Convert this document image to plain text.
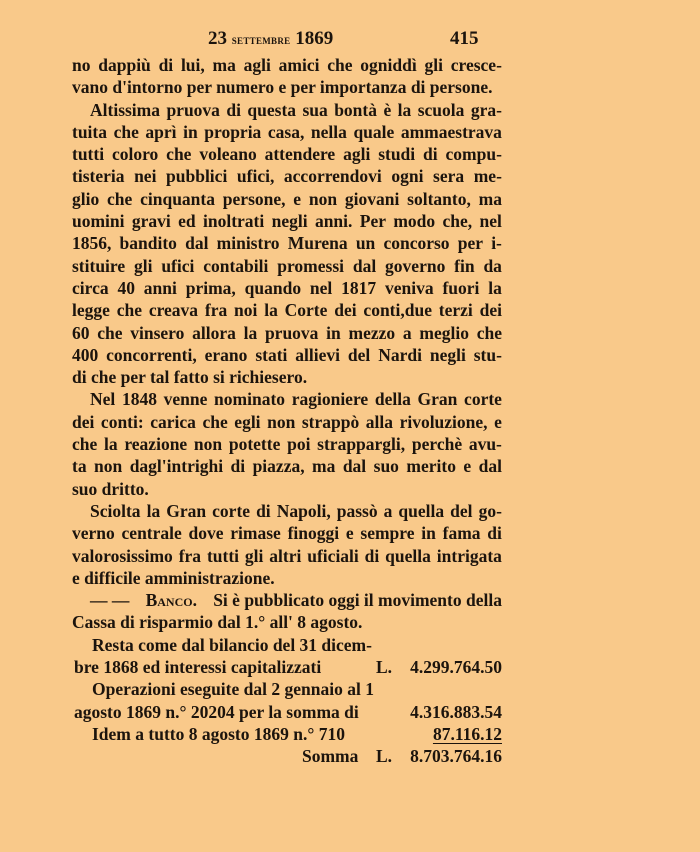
23 settembre 1869	415
no dappiù di lui, ma agli amici che ogniddì gli cresce-
vano d'intorno per numero e per importanza di persone.
Altissima pruova di questa sua bontà è la scuola gra-
tuita che aprì in propria casa, nella quale ammaestrava
tutti coloro che voleano attendere agli studi di compu-
tisteria nei pubblici ufici, accorrendovi ogni sera me-
glio che cinquanta persone, e non giovani soltanto, ma
uomini gravi ed inoltrati negli anni. Per modo che, nel
1856, bandito dal ministro Murena un concorso per i-
stituire gli ufici contabili promessi dal governo fin da
circa 40 anni prima, quando nel 1817 veniva fuori la
legge che creava fra noi la Corte dei conti,due terzi dei
60 che vinsero allora la pruova in mezzo a meglio che
400 concorrenti, erano stati allievi del Nardi negli stu-
di che per tal fatto si richiesero.
Nel 1848 venne nominato ragioniere della Gran corte
dei conti: carica che egli non strappò alla rivoluzione, e
che la reazione non potette poi strappargli, perchè avu-
ta non dagl'intrighi di piazza, ma dal suo merito e dal
suo dritto.
Sciolta la Gran corte di Napoli, passò a quella del go-
verno centrale dove rimase finoggi e sempre in fama di
valorosissimo fra tutti gli altri uficiali di quella intrigata
e difficile amministrazione.
— — Banco. Si è pubblicato oggi il movimento della
Cassa di risparmio dal 1.° all' 8 agosto.
Resta come dal bilancio del 31 dicem-
bre 1868 ed interessi capitalizzati	L. 4.299.764.50
Operazioni eseguite dal 2 gennaio al 1
agosto 1869 n.° 20204 per la somma di	4.316.883.54
Idem a tutto 8 agosto 1869 n.° 710	87.116.12
Somma L. 8.703.764.16
